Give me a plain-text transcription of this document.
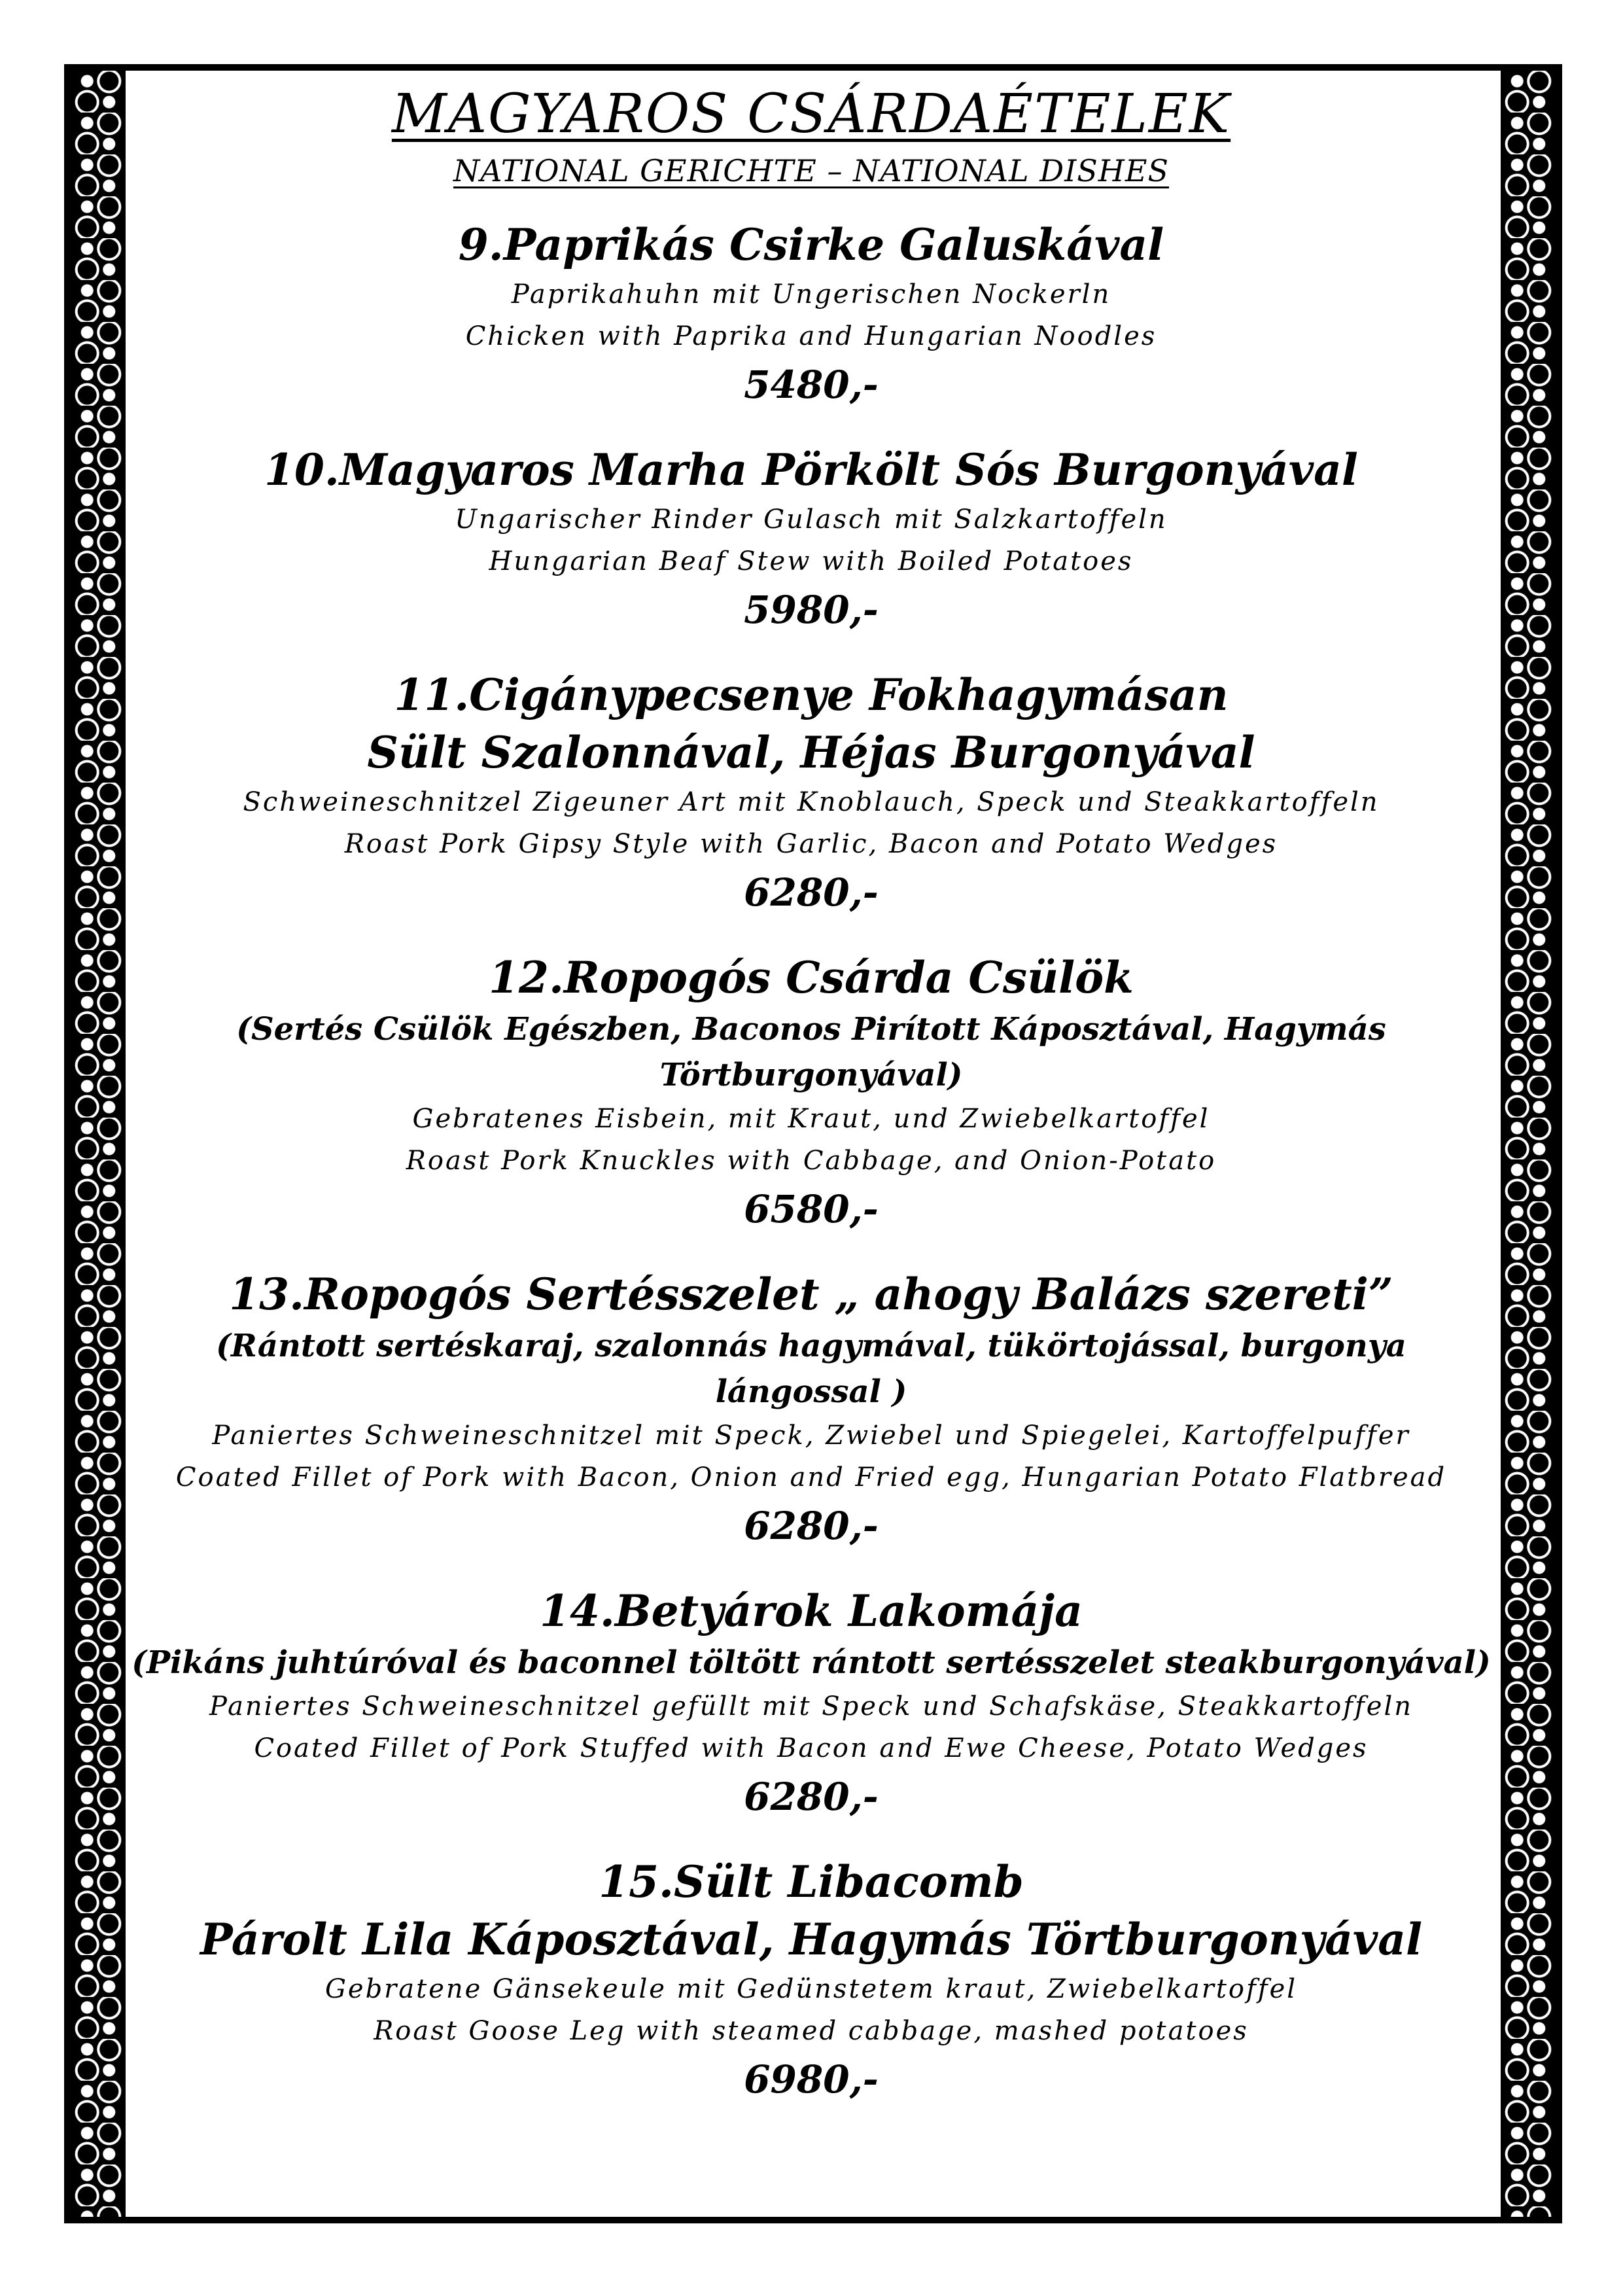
MAGYAROS CSÁRDAÉTELEK

NATIONAL GERICHTE – NATIONAL DISHES

9.Paprikás Csirke Galuskával

Paprikahuhn mit Ungerischen Nockerln

Chicken with Paprika and Hungarian Noodles

5480,-

10.Magyaros Marha Pörkölt Sós Burgonyával

Ungarischer Rinder Gulasch mit Salzkartoffeln

Hungarian Beaf Stew with Boiled Potatoes

5980,-

11.Cigánypecsenye Fokhagymásan

Sült Szalonnával, Héjas Burgonyával

Schweineschnitzel Zigeuner Art mit Knoblauch, Speck und Steakkartoffeln

Roast Pork Gipsy Style with Garlic, Bacon and Potato Wedges

6280,-

12.Ropogós Csárda Csülök

(Sertés Csülök Egészben, Baconos Pirított Káposztával, Hagymás Törtburgonyával)

Gebratenes Eisbein, mit Kraut, und Zwiebelkartoffel

Roast Pork Knuckles with Cabbage, and Onion-Potato

6580,-

13.Ropogós Sertésszelet „ ahogy Balázs szereti”

(Rántott sertéskaraj, szalonnás hagymával, tükörtojással, burgonya lángossal )

Paniertes Schweineschnitzel mit Speck, Zwiebel und Spiegelei, Kartoffelpuffer

Coated Fillet of Pork with Bacon, Onion and Fried egg, Hungarian Potato Flatbread

6280,-

14.Betyárok Lakomája

(Pikáns juhtúróval és baconnel töltött rántott sertésszelet steakburgonyával)

Paniertes Schweineschnitzel gefüllt mit Speck und Schafskäse, Steakkartoffeln

Coated Fillet of Pork Stuffed with Bacon and Ewe Cheese, Potato Wedges

6280,-

15.Sült Libacomb

Párolt Lila Káposztával, Hagymás Törtburgonyával

Gebratene Gänsekeule mit Gedünstetem kraut, Zwiebelkartoffel

Roast Goose Leg with steamed cabbage, mashed potatoes

6980,-
